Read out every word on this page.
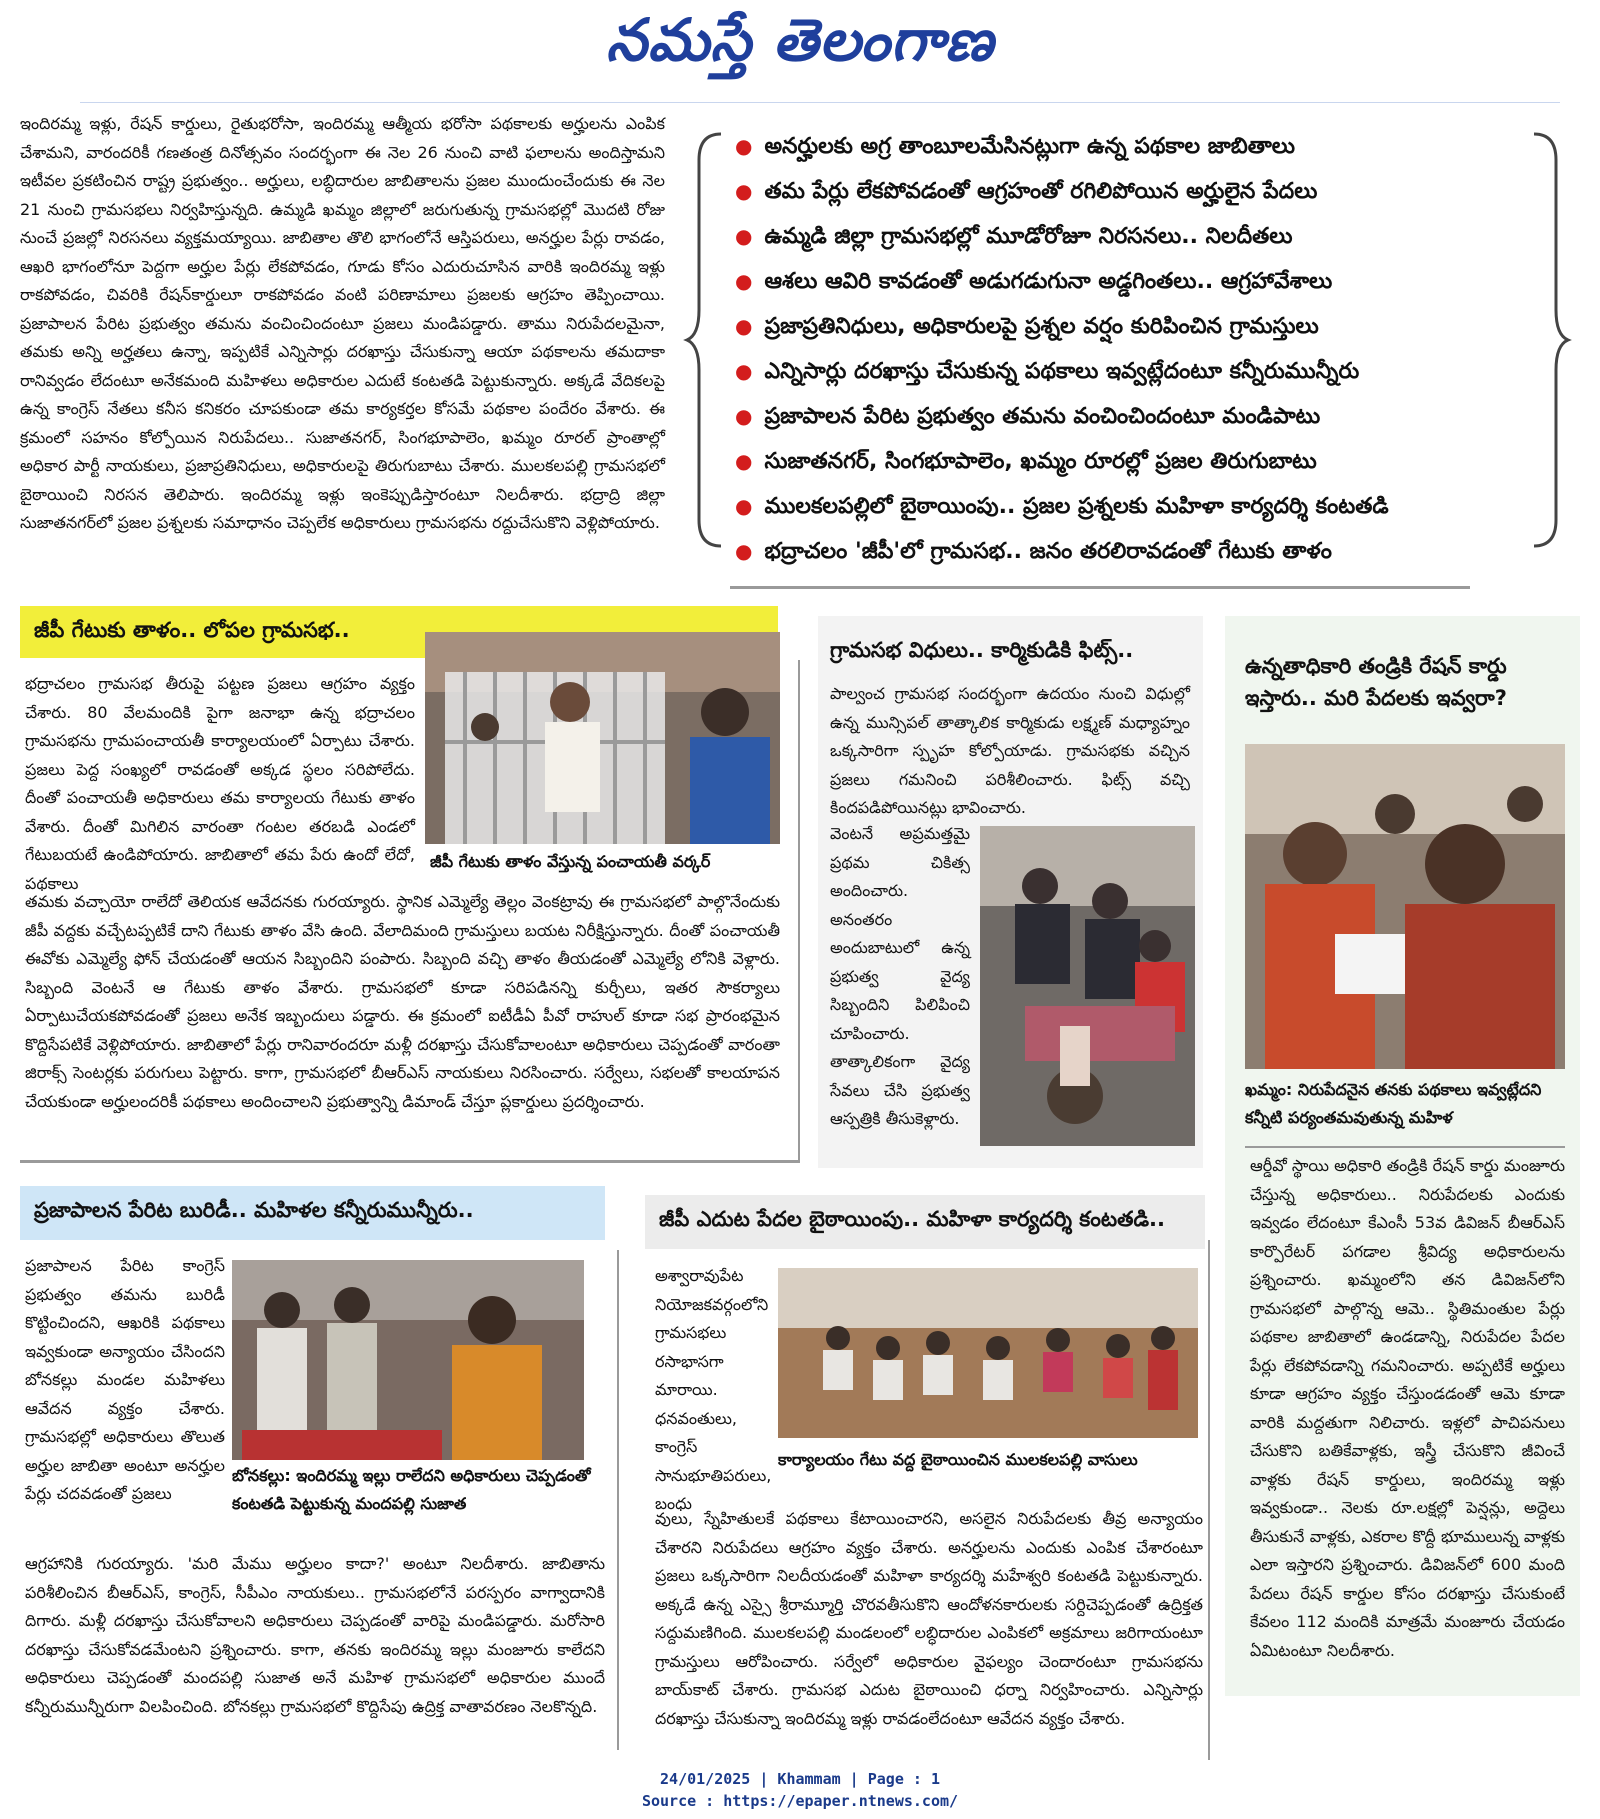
నమస్తే తెలంగాణ
ఇందిరమ్మ ఇళ్లు, రేషన్ కార్డులు, రైతుభరోసా, ఇందిరమ్మ ఆత్మీయ భరోసా పథకాలకు అర్హులను ఎంపిక చేశామని, వారందరికీ గణతంత్ర దినోత్సవం సందర్భంగా ఈ నెల 26 నుంచి వాటి ఫలాలను అందిస్తామని ఇటీవల ప్రకటించిన రాష్ట్ర ప్రభుత్వం.. అర్హులు, లబ్ధిదారుల జాబితాలను ప్రజల ముందుంచేందుకు ఈ నెల 21 నుంచి గ్రామసభలు నిర్వహిస్తున్నది. ఉమ్మడి ఖమ్మం జిల్లాలో జరుగుతున్న గ్రామసభల్లో మొదటి రోజు నుంచే ప్రజల్లో నిరసనలు వ్యక్తమయ్యాయి. జాబితాల తొలి భాగంలోనే ఆస్తిపరులు, అనర్హుల పేర్లు రావడం, ఆఖరి భాగంలోనూ పెద్దగా అర్హుల పేర్లు లేకపోవడం, గూడు కోసం ఎదురుచూసిన వారికి ఇందిరమ్మ ఇళ్లు రాకపోవడం, చివరికి రేషన్‌కార్డులూ రాకపోవడం వంటి పరిణామాలు ప్రజలకు ఆగ్రహం తెప్పించాయి. ప్రజాపాలన పేరిట ప్రభుత్వం తమను వంచించిందంటూ ప్రజలు మండిపడ్డారు. తాము నిరుపేదలమైనా, తమకు అన్ని అర్హతలు ఉన్నా, ఇప్పటికే ఎన్నిసార్లు దరఖాస్తు చేసుకున్నా ఆయా పథకాలను తమదాకా రానివ్వడం లేదంటూ అనేకమంది మహిళలు అధికారుల ఎదుటే కంటతడి పెట్టుకున్నారు. అక్కడే వేదికలపై ఉన్న కాంగ్రెస్ నేతలు కనీస కనికరం చూపకుండా తమ కార్యకర్తల కోసమే పథకాల పందేరం వేశారు. ఈ క్రమంలో సహనం కోల్పోయిన నిరుపేదలు.. సుజాతనగర్, సింగభూపాలెం, ఖమ్మం రూరల్ ప్రాంతాల్లో అధికార పార్టీ నాయకులు, ప్రజాప్రతినిధులు, అధికారులపై తిరుగుబాటు చేశారు. ములకలపల్లి గ్రామసభలో బైఠాయించి నిరసన తెలిపారు. ఇందిరమ్మ ఇళ్లు ఇంకెప్పుడిస్తారంటూ నిలదీశారు. భద్రాద్రి జిల్లా సుజాతనగర్‌లో ప్రజల ప్రశ్నలకు సమాధానం చెప్పలేక అధికారులు గ్రామసభను రద్దుచేసుకొని వెళ్లిపోయారు.
● అనర్హులకు అగ్ర తాంబూలమేసినట్లుగా ఉన్న పథకాల జాబితాలు
● తమ పేర్లు లేకపోవడంతో ఆగ్రహంతో రగిలిపోయిన అర్హులైన పేదలు
● ఉమ్మడి జిల్లా గ్రామసభల్లో మూడోరోజూ నిరసనలు.. నిలదీతలు
● ఆశలు ఆవిరి కావడంతో అడుగడుగునా అడ్డగింతలు.. ఆగ్రహావేశాలు
● ప్రజాప్రతినిధులు, అధికారులపై ప్రశ్నల వర్షం కురిపించిన గ్రామస్తులు
● ఎన్నిసార్లు దరఖాస్తు చేసుకున్న పథకాలు ఇవ్వట్లేదంటూ కన్నీరుమున్నీరు
● ప్రజాపాలన పేరిట ప్రభుత్వం తమను వంచించిందంటూ మండిపాటు
● సుజాతనగర్, సింగభూపాలెం, ఖమ్మం రూరల్లో ప్రజల తిరుగుబాటు
● ములకలపల్లిలో బైఠాయింపు.. ప్రజల ప్రశ్నలకు మహిళా కార్యదర్శి కంటతడి
● భద్రాచలం 'జీపీ'లో గ్రామసభ.. జనం తరలిరావడంతో గేటుకు తాళం
జీపీ గేటుకు తాళం.. లోపల గ్రామసభ..
జీపీ గేటుకు తాళం వేస్తున్న పంచాయతీ వర్కర్
భద్రాచలం గ్రామసభ తీరుపై పట్టణ ప్రజలు ఆగ్రహం వ్యక్తం చేశారు. 80 వేలమందికి పైగా జనాభా ఉన్న భద్రాచలం గ్రామసభను గ్రామపంచాయతీ కార్యాలయంలో ఏర్పాటు చేశారు. ప్రజలు పెద్ద సంఖ్యలో రావడంతో అక్కడ స్థలం సరిపోలేదు. దీంతో పంచాయతీ అధికారులు తమ కార్యాలయ గేటుకు తాళం వేశారు. దీంతో మిగిలిన వారంతా గంటల తరబడి ఎండలో గేటుబయటే ఉండిపోయారు. జాబితాలో తమ పేరు ఉందో లేదో, పథకాలు
తమకు వచ్చాయో రాలేదో తెలియక ఆవేదనకు గురయ్యారు. స్థానిక ఎమ్మెల్యే తెల్లం వెంకట్రావు ఈ గ్రామసభలో పాల్గొనేందుకు జీపీ వద్దకు వచ్చేటప్పటికే దాని గేటుకు తాళం వేసి ఉంది. వేలాదిమంది గ్రామస్తులు బయట నిరీక్షిస్తున్నారు. దీంతో పంచాయతీ ఈవోకు ఎమ్మెల్యే ఫోన్ చేయడంతో ఆయన సిబ్బందిని పంపారు. సిబ్బంది వచ్చి తాళం తీయడంతో ఎమ్మెల్యే లోనికి వెళ్లారు. సిబ్బంది వెంటనే ఆ గేటుకు తాళం వేశారు. గ్రామసభలో కూడా సరిపడినన్ని కుర్చీలు, ఇతర సౌకర్యాలు ఏర్పాటుచేయకపోవడంతో ప్రజలు అనేక ఇబ్బందులు పడ్డారు. ఈ క్రమంలో ఐటీడీఏ పీవో రాహుల్ కూడా సభ ప్రారంభమైన కొద్దిసేపటికే వెళ్లిపోయారు. జాబితాలో పేర్లు రానివారందరూ మళ్లీ దరఖాస్తు చేసుకోవాలంటూ అధికారులు చెప్పడంతో వారంతా జిరాక్స్ సెంటర్లకు పరుగులు పెట్టారు. కాగా, గ్రామసభలో బీఆర్ఎస్ నాయకులు నిరసించారు. సర్వేలు, సభలతో కాలయాపన చేయకుండా అర్హులందరికీ పథకాలు అందించాలని ప్రభుత్వాన్ని డిమాండ్ చేస్తూ ప్లకార్డులు ప్రదర్శించారు.
గ్రామసభ విధులు.. కార్మికుడికి ఫిట్స్..
పాల్వంచ గ్రామసభ సందర్భంగా ఉదయం నుంచి విధుల్లో ఉన్న మున్సిపల్ తాత్కాలిక కార్మికుడు లక్ష్మణ్ మధ్యాహ్నం ఒక్కసారిగా స్పృహ కోల్పోయాడు. గ్రామసభకు వచ్చిన ప్రజలు గమనించి పరిశీలించారు. ఫిట్స్ వచ్చి కిందపడిపోయినట్లు భావించారు.
వెంటనే అప్రమత్తమై ప్రథమ చికిత్స అందించారు. అనంతరం అందుబాటులో ఉన్న ప్రభుత్వ వైద్య సిబ్బందిని పిలిపించి చూపించారు. తాత్కాలికంగా వైద్య సేవలు చేసి ప్రభుత్వ ఆస్పత్రికి తీసుకెళ్లారు.
ఉన్నతాధికారి తండ్రికి రేషన్ కార్డు ఇస్తారు.. మరి పేదలకు ఇవ్వరా?
ఖమ్మం: నిరుపేదనైన తనకు పథకాలు ఇవ్వట్లేదని కన్నీటి పర్యంతమవుతున్న మహిళ
ఆర్డీవో స్థాయి అధికారి తండ్రికి రేషన్ కార్డు మంజూరు చేస్తున్న అధికారులు.. నిరుపేదలకు ఎందుకు ఇవ్వడం లేదంటూ కేఎంసీ 53వ డివిజన్ బీఆర్ఎస్ కార్పొరేటర్ పగడాల శ్రీవిద్య అధికారులను ప్రశ్నించారు. ఖమ్మంలోని తన డివిజన్‌లోని గ్రామసభలో పాల్గొన్న ఆమె.. స్థితిమంతుల పేర్లు పథకాల జాబితాలో ఉండడాన్ని, నిరుపేదల పేదల పేర్లు లేకపోవడాన్ని గమనించారు. అప్పటికే అర్హులు కూడా ఆగ్రహం వ్యక్తం చేస్తుండడంతో ఆమె కూడా వారికి మద్దతుగా నిలిచారు. ఇళ్లలో పాచిపనులు చేసుకొని బతికేవాళ్లకు, ఇస్త్రీ చేసుకొని జీవించే వాళ్లకు రేషన్ కార్డులు, ఇందిరమ్మ ఇళ్లు ఇవ్వకుండా.. నెలకు రూ.లక్షల్లో పెన్షన్లు, అద్దెలు తీసుకునే వాళ్లకు, ఎకరాల కొద్దీ భూములున్న వాళ్లకు ఎలా ఇస్తారని ప్రశ్నించారు. డివిజన్‌లో 600 మంది పేదలు రేషన్ కార్డుల కోసం దరఖాస్తు చేసుకుంటే కేవలం 112 మందికి మాత్రమే మంజూరు చేయడం ఏమిటంటూ నిలదీశారు.
ప్రజాపాలన పేరిట బురిడీ.. మహిళల కన్నీరుమున్నీరు..
ప్రజాపాలన పేరిట కాంగ్రెస్ ప్రభుత్వం తమను బురిడీ కొట్టించిందని, ఆఖరికి పథకాలు ఇవ్వకుండా అన్యాయం చేసిందని బోనకల్లు మండల మహిళలు ఆవేదన వ్యక్తం చేశారు. గ్రామసభల్లో అధికారులు తొలుత అర్హుల జాబితా అంటూ అనర్హుల పేర్లు చదవడంతో ప్రజలు
బోనకల్లు: ఇందిరమ్మ ఇల్లు రాలేదని అధికారులు చెప్పడంతో కంటతడి పెట్టుకున్న మందపల్లి సుజాత
ఆగ్రహానికి గురయ్యారు. 'మరి మేము అర్హులం కాదా?' అంటూ నిలదీశారు. జాబితాను పరిశీలించిన బీఆర్ఎస్, కాంగ్రెస్, సీపీఎం నాయకులు.. గ్రామసభలోనే పరస్పరం వాగ్వాదానికి దిగారు. మళ్లీ దరఖాస్తు చేసుకోవాలని అధికారులు చెప్పడంతో వారిపై మండిపడ్డారు. మరోసారి దరఖాస్తు చేసుకోవడమేంటని ప్రశ్నించారు. కాగా, తనకు ఇందిరమ్మ ఇల్లు మంజూరు కాలేదని అధికారులు చెప్పడంతో మందపల్లి సుజాత అనే మహిళ గ్రామసభలో అధికారుల ముందే కన్నీరుమున్నీరుగా విలపించింది. బోనకల్లు గ్రామసభలో కొద్దిసేపు ఉద్రిక్త వాతావరణం నెలకొన్నది.
జీపీ ఎదుట పేదల బైఠాయింపు.. మహిళా కార్యదర్శి కంటతడి..
అశ్వారావుపేట నియోజకవర్గంలోని గ్రామసభలు రసాభాసగా మారాయి. ధనవంతులు, కాంగ్రెస్ సానుభూతిపరులు, బంధు
కార్యాలయం గేటు వద్ద బైఠాయించిన ములకలపల్లి వాసులు
వులు, స్నేహితులకే పథకాలు కేటాయించారని, అసలైన నిరుపేదలకు తీవ్ర అన్యాయం చేశారని నిరుపేదలు ఆగ్రహం వ్యక్తం చేశారు. అనర్హులను ఎందుకు ఎంపిక చేశారంటూ ప్రజలు ఒక్కసారిగా నిలదీయడంతో మహిళా కార్యదర్శి మహేశ్వరి కంటతడి పెట్టుకున్నారు. అక్కడే ఉన్న ఎస్సై శ్రీరామ్మూర్తి చొరవతీసుకొని ఆందోళనకారులకు సర్దిచెప్పడంతో ఉద్రిక్తత సద్దుమణిగింది. ములకలపల్లి మండలంలో లబ్ధిదారుల ఎంపికలో అక్రమాలు జరిగాయంటూ గ్రామస్తులు ఆరోపించారు. సర్వేలో అధికారుల వైఫల్యం చెందారంటూ గ్రామసభను బాయ్‌కాట్ చేశారు. గ్రామసభ ఎదుట బైఠాయించి ధర్నా నిర్వహించారు. ఎన్నిసార్లు దరఖాస్తు చేసుకున్నా ఇందిరమ్మ ఇళ్లు రావడంలేదంటూ ఆవేదన వ్యక్తం చేశారు.
24/01/2025 | Khammam | Page : 1
Source : https://epaper.ntnews.com/
